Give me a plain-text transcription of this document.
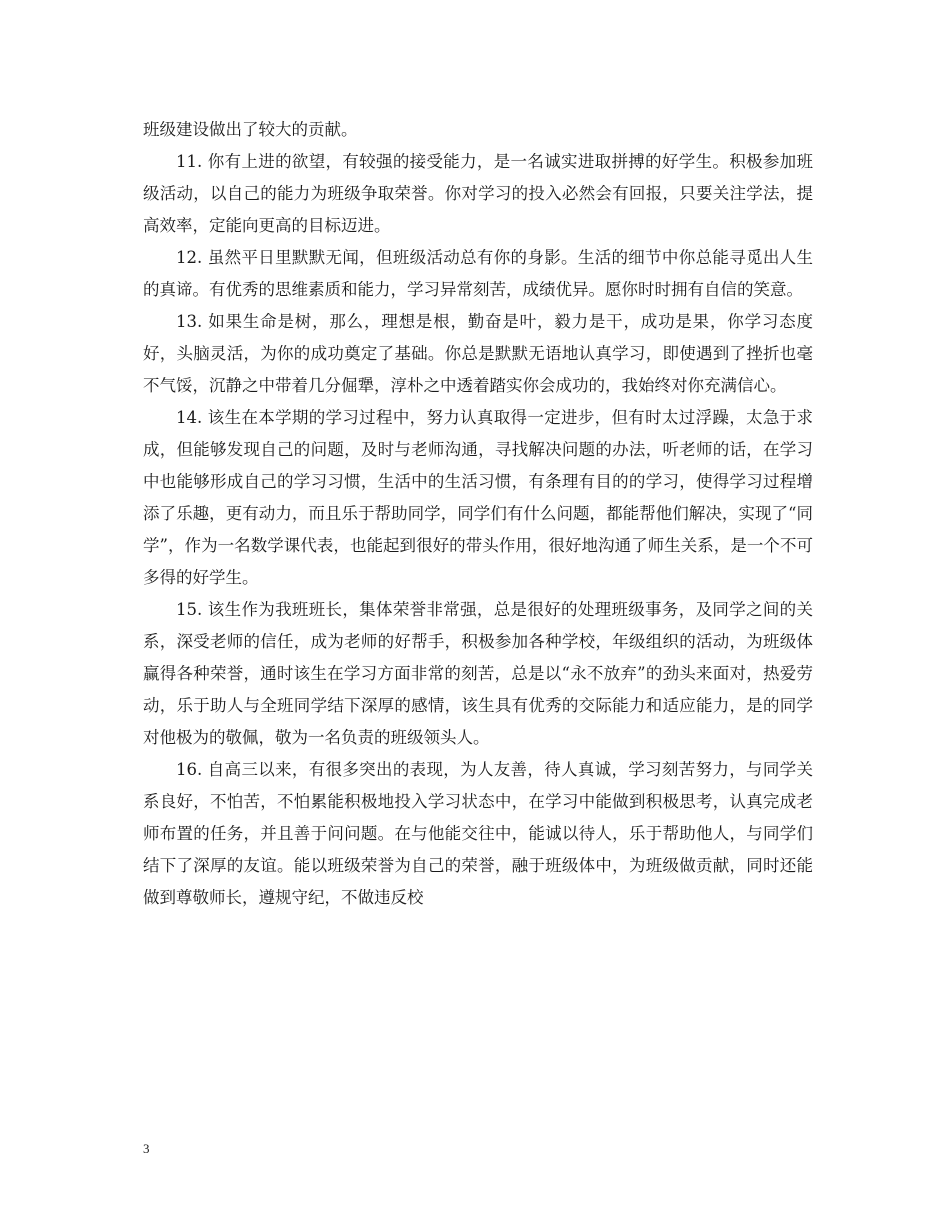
班级建设做出了较大的贡献。

11. 你有上进的欲望，有较强的接受能力，是一名诚实进取拼搏的好学生。积极参加班级活动，以自己的能力为班级争取荣誉。你对学习的投入必然会有回报，只要关注学法，提高效率，定能向更高的目标迈进。

12. 虽然平日里默默无闻，但班级活动总有你的身影。生活的细节中你总能寻觅出人生的真谛。有优秀的思维素质和能力，学习异常刻苦，成绩优异。愿你时时拥有自信的笑意。

13. 如果生命是树，那么，理想是根，勤奋是叶，毅力是干，成功是果，你学习态度好，头脑灵活，为你的成功奠定了基础。你总是默默无语地认真学习，即使遇到了挫折也毫不气馁，沉静之中带着几分倔犟，淳朴之中透着踏实你会成功的，我始终对你充满信心。

14. 该生在本学期的学习过程中，努力认真取得一定进步，但有时太过浮躁，太急于求成，但能够发现自己的问题，及时与老师沟通，寻找解决问题的办法，听老师的话，在学习中也能够形成自己的学习习惯，生活中的生活习惯，有条理有目的的学习，使得学习过程增添了乐趣，更有动力，而且乐于帮助同学，同学们有什么问题，都能帮他们解决，实现了“同学”，作为一名数学课代表，也能起到很好的带头作用，很好地沟通了师生关系，是一个不可多得的好学生。

15. 该生作为我班班长，集体荣誉非常强，总是很好的处理班级事务，及同学之间的关系，深受老师的信任，成为老师的好帮手，积极参加各种学校，年级组织的活动，为班级体赢得各种荣誉，通时该生在学习方面非常的刻苦，总是以“永不放弃”的劲头来面对，热爱劳动，乐于助人与全班同学结下深厚的感情，该生具有优秀的交际能力和适应能力，是的同学对他极为的敬佩，敬为一名负责的班级领头人。

16. 自高三以来，有很多突出的表现，为人友善，待人真诚，学习刻苦努力，与同学关系良好，不怕苦，不怕累能积极地投入学习状态中，在学习中能做到积极思考，认真完成老师布置的任务，并且善于问问题。在与他能交往中，能诚以待人，乐于帮助他人，与同学们结下了深厚的友谊。能以班级荣誉为自己的荣誉，融于班级体中，为班级做贡献，同时还能做到尊敬师长，遵规守纪，不做违反校

3
